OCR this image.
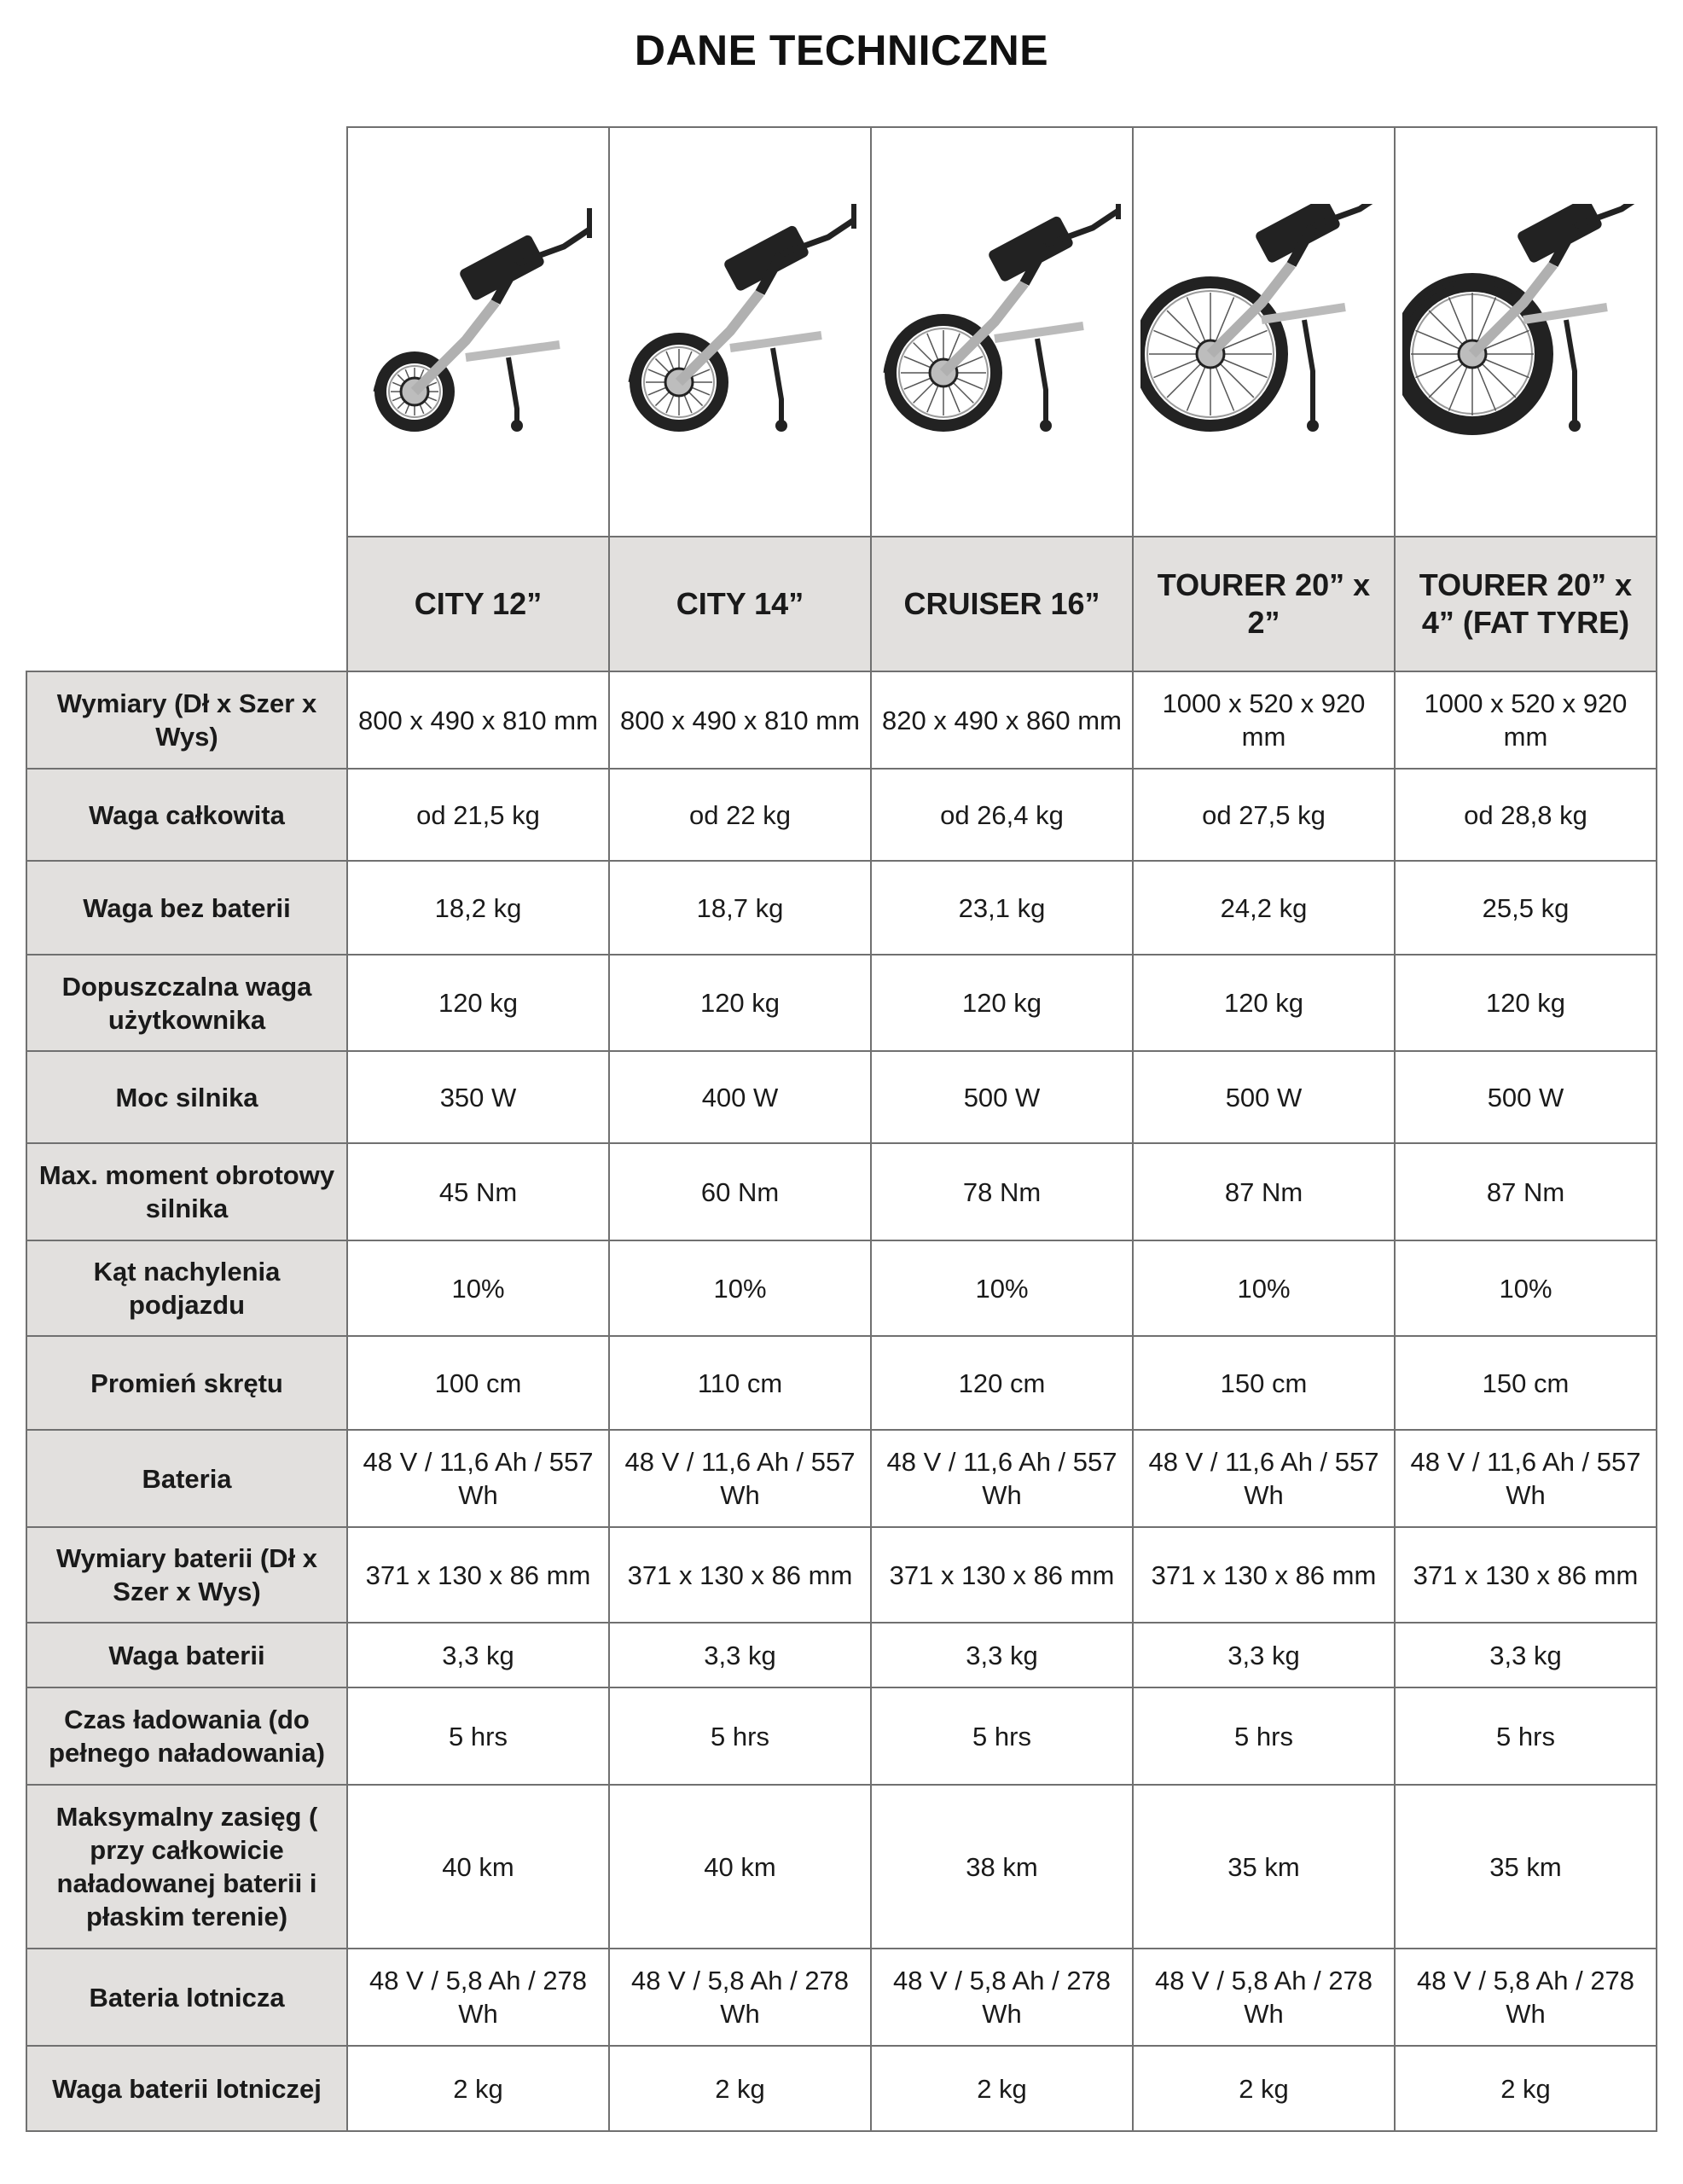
DANE TECHNICZNE

	CITY 12”	CITY 14”	CRUISER 16”	TOURER 20” x 2”	TOURER 20” x 4” (FAT TYRE)
Wymiary (Dł x Szer x Wys)	800 x 490 x 810 mm	800 x 490 x 810 mm	820 x 490 x 860 mm	1000 x 520 x 920 mm	1000 x 520 x 920 mm
Waga całkowita	od 21,5 kg	od 22 kg	od 26,4 kg	od 27,5 kg	od 28,8 kg
Waga bez baterii	18,2 kg	18,7 kg	23,1 kg	24,2 kg	25,5 kg
Dopuszczalna waga użytkownika	120 kg	120 kg	120 kg	120 kg	120 kg
Moc silnika	350 W	400 W	500 W	500 W	500 W
Max. moment obrotowy silnika	45 Nm	60 Nm	78 Nm	87 Nm	87 Nm
Kąt nachylenia podjazdu	10%	10%	10%	10%	10%
Promień skrętu	100 cm	110 cm	120 cm	150 cm	150 cm
Bateria	48 V / 11,6 Ah / 557 Wh	48 V / 11,6 Ah / 557 Wh	48 V / 11,6 Ah / 557 Wh	48 V / 11,6 Ah / 557 Wh	48 V / 11,6 Ah / 557 Wh
Wymiary baterii (Dł x Szer x Wys)	371 x 130 x 86 mm	371 x 130 x 86 mm	371 x 130 x 86 mm	371 x 130 x 86 mm	371 x 130 x 86 mm
Waga baterii	3,3 kg	3,3 kg	3,3 kg	3,3 kg	3,3 kg
Czas ładowania (do pełnego naładowania)	5 hrs	5 hrs	5 hrs	5 hrs	5 hrs
Maksymalny zasięg ( przy całkowicie naładowanej baterii i płaskim terenie)	40 km	40 km	38 km	35 km	35 km
Bateria lotnicza	48 V / 5,8 Ah / 278 Wh	48 V / 5,8 Ah / 278 Wh	48 V / 5,8 Ah / 278 Wh	48 V / 5,8 Ah / 278 Wh	48 V / 5,8 Ah / 278 Wh
Waga baterii lotniczej	2 kg	2 kg	2 kg	2 kg	2 kg
